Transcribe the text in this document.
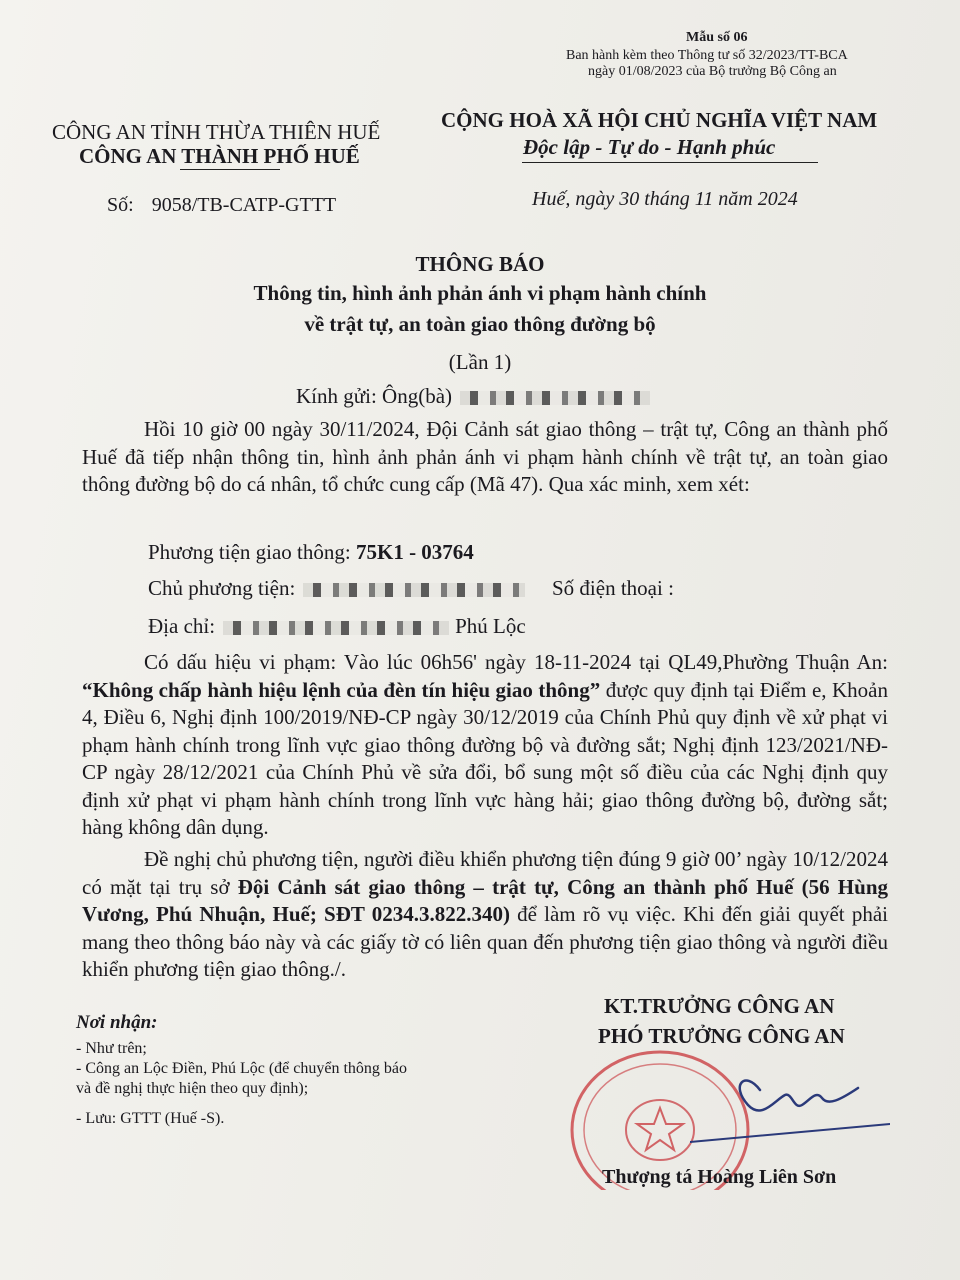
Mẫu số 06
Ban hành kèm theo Thông tư số 32/2023/TT-BCA
ngày 01/08/2023 của Bộ trưởng Bộ Công an
CÔNG AN TỈNH THỪA THIÊN HUẾ
CÔNG AN THÀNH PHỐ HUẾ
CỘNG HOÀ XÃ HỘI CHỦ NGHĨA VIỆT NAM
Độc lập - Tự do - Hạnh phúc
Số: 9058/TB-CATP-GTTT	Huế, ngày 30 tháng 11 năm 2024
THÔNG BÁO
Thông tin, hình ảnh phản ánh vi phạm hành chính
về trật tự, an toàn giao thông đường bộ
(Lần 1)
Kính gửi: Ông(bà)
Hồi 10 giờ 00 ngày 30/11/2024, Đội Cảnh sát giao thông – trật tự, Công an thành phố Huế đã tiếp nhận thông tin, hình ảnh phản ánh vi phạm hành chính về trật tự, an toàn giao thông đường bộ do cá nhân, tổ chức cung cấp (Mã 47). Qua xác minh, xem xét:
Phương tiện giao thông: 75K1 - 03764
Chủ phương tiện:	Số điện thoại :
Địa chỉ:	Phú Lộc
Có dấu hiệu vi phạm: Vào lúc 06h56' ngày 18-11-2024 tại QL49,Phường Thuận An: “Không chấp hành hiệu lệnh của đèn tín hiệu giao thông” được quy định tại Điểm e, Khoản 4, Điều 6, Nghị định 100/2019/NĐ-CP ngày 30/12/2019 của Chính Phủ quy định về xử phạt vi phạm hành chính trong lĩnh vực giao thông đường bộ và đường sắt; Nghị định 123/2021/NĐ-CP ngày 28/12/2021 của Chính Phủ về sửa đổi, bổ sung một số điều của các Nghị định quy định xử phạt vi phạm hành chính trong lĩnh vực hàng hải; giao thông đường bộ, đường sắt; hàng không dân dụng.
Đề nghị chủ phương tiện, người điều khiển phương tiện đúng 9 giờ 00’ ngày 10/12/2024 có mặt tại trụ sở Đội Cảnh sát giao thông – trật tự, Công an thành phố Huế (56 Hùng Vương, Phú Nhuận, Huế; SĐT 0234.3.822.340) để làm rõ vụ việc. Khi đến giải quyết phải mang theo thông báo này và các giấy tờ có liên quan đến phương tiện giao thông và người điều khiển phương tiện giao thông./.
Nơi nhận:
- Như trên;
- Công an Lộc Điền, Phú Lộc (để chuyển thông báo
và đề nghị thực hiện theo quy định);
- Lưu: GTTT (Huế -S).
KT.TRƯỞNG CÔNG AN
PHÓ TRƯỞNG CÔNG AN
Thượng tá Hoàng Liên Sơn
